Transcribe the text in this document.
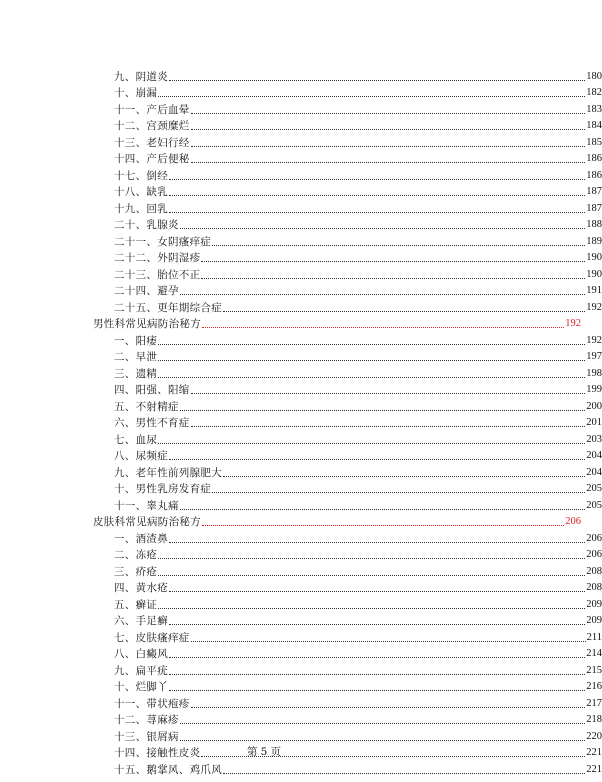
九、阴道炎	180
十、崩漏	182
十一、产后血晕	183
十二、宫颈糜烂	184
十三、老妇行经	185
十四、产后便秘	186
十七、倒经	186
十八、缺乳	187
十九、回乳	187
二十、乳腺炎	188
二十一、女阴瘙痒症	189
二十二、外阴湿疹	190
二十三、胎位不正	190
二十四、避孕	191
二十五、更年期综合症	192
男性科常见病防治秘方	192
一、阳痿	192
二、早泄	197
三、遗精	198
四、阳强、阳缩	199
五、不射精症	200
六、男性不育症	201
七、血尿	203
八、尿频症	204
九、老年性前列腺肥大	204
十、男性乳房发育症	205
十一、睾丸痛	205
皮肤科常见病防治秘方	206
一、酒渣鼻	206
二、冻疮	206
三、疥疮	208
四、黄水疮	208
五、癣证	209
六、手足癣	209
七、皮肤瘙痒症	211
八、白癜风	214
九、扁平疣	215
十、烂脚丫	216
十一、带状疱疹	217
十二、荨麻疹	218
十三、银屑病	220
十四、接触性皮炎	221
十五、鹅掌风、鸡爪风	221
第 5 页
